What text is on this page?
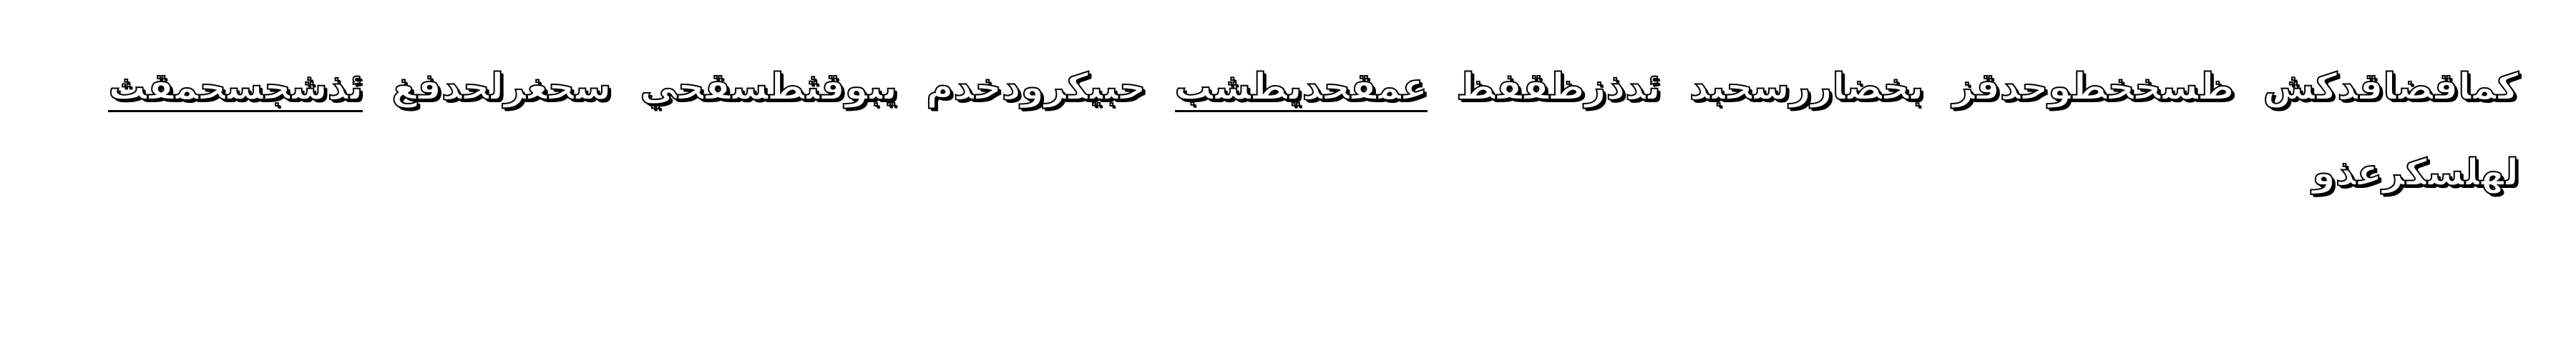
كماقضاقدكش ظسخخطوحدقز بخضاررسحبد ئدذزظقفظ عمقحديطشب حبيكرودخدم يبوقثطسقحي سحغرلحدفغ ئذشجسحمقث
لهلسكرعذو
